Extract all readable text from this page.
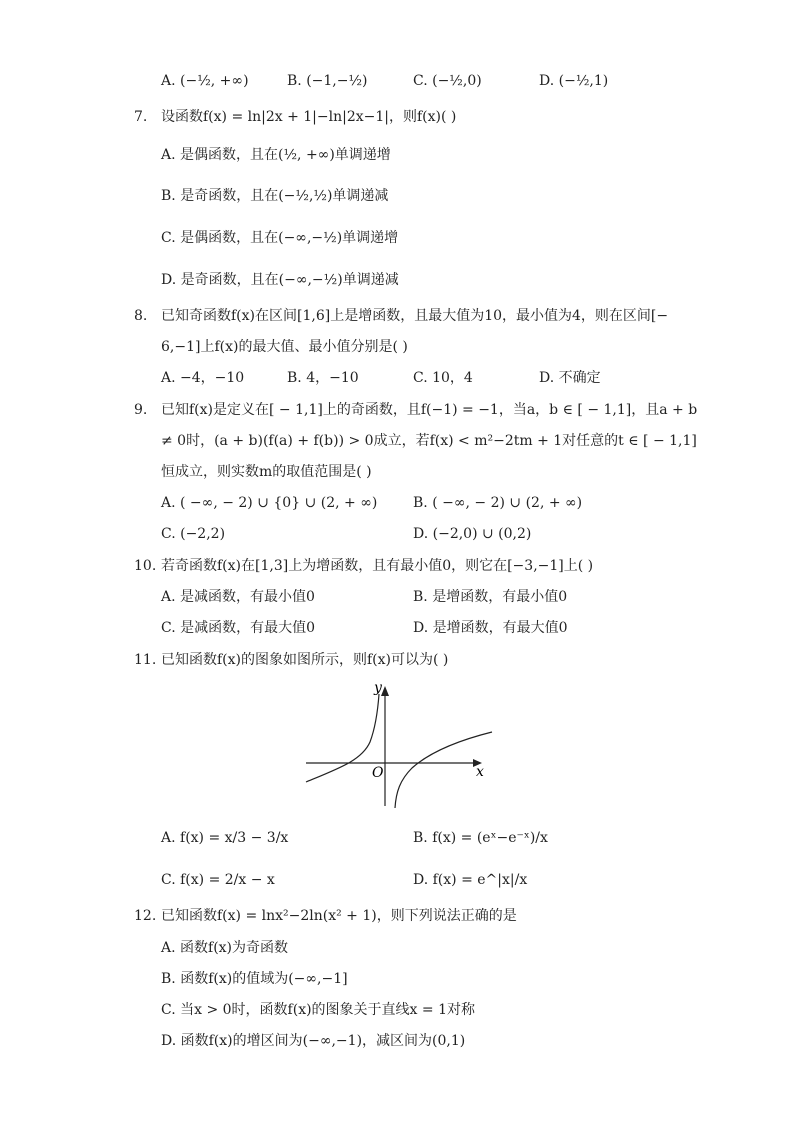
A. (−½, +∞)	B. (−1,−½)	C. (−½,0)	D. (−½,1)
7. 设函数f(x) = ln|2x + 1|−ln|2x−1|，则f(x)( )
A. 是偶函数，且在(½, +∞)单调递增
B. 是奇函数，且在(−½,½)单调递减
C. 是偶函数，且在(−∞,−½)单调递增
D. 是奇函数，且在(−∞,−½)单调递减
8. 已知奇函数f(x)在区间[1,6]上是增函数，且最大值为10，最小值为4，则在区间[−
6,−1]上f(x)的最大值、最小值分别是( )
A. −4，−10	B. 4，−10	C. 10，4	D. 不确定
9. 已知f(x)是定义在[ − 1,1]上的奇函数，且f(−1) = −1，当a，b ∈ [ − 1,1]，且a + b
≠ 0时，(a + b)(f(a) + f(b)) > 0成立，若f(x) < m²−2tm + 1对任意的t ∈ [ − 1,1]
恒成立，则实数m的取值范围是( )
A. ( −∞, − 2) ∪ {0} ∪ (2, + ∞)	B. ( −∞, − 2) ∪ (2, + ∞)
C. (−2,2)	D. (−2,0) ∪ (0,2)
10. 若奇函数f(x)在[1,3]上为增函数，且有最小值0，则它在[−3,−1]上( )
A. 是减函数，有最小值0	B. 是增函数，有最小值0
C. 是减函数，有最大值0	D. 是增函数，有最大值0
11. 已知函数f(x)的图象如图所示，则f(x)可以为( )
y
x
O
A. f(x) = x/3 − 3/x	B. f(x) = (eˣ−e⁻ˣ)/x
C. f(x) = 2/x − x	D. f(x) = e^|x|/x
12. 已知函数f(x) = lnx²−2ln(x² + 1)，则下列说法正确的是
A. 函数f(x)为奇函数
B. 函数f(x)的值域为(−∞,−1]
C. 当x > 0时，函数f(x)的图象关于直线x = 1对称
D. 函数f(x)的增区间为(−∞,−1)，减区间为(0,1)
